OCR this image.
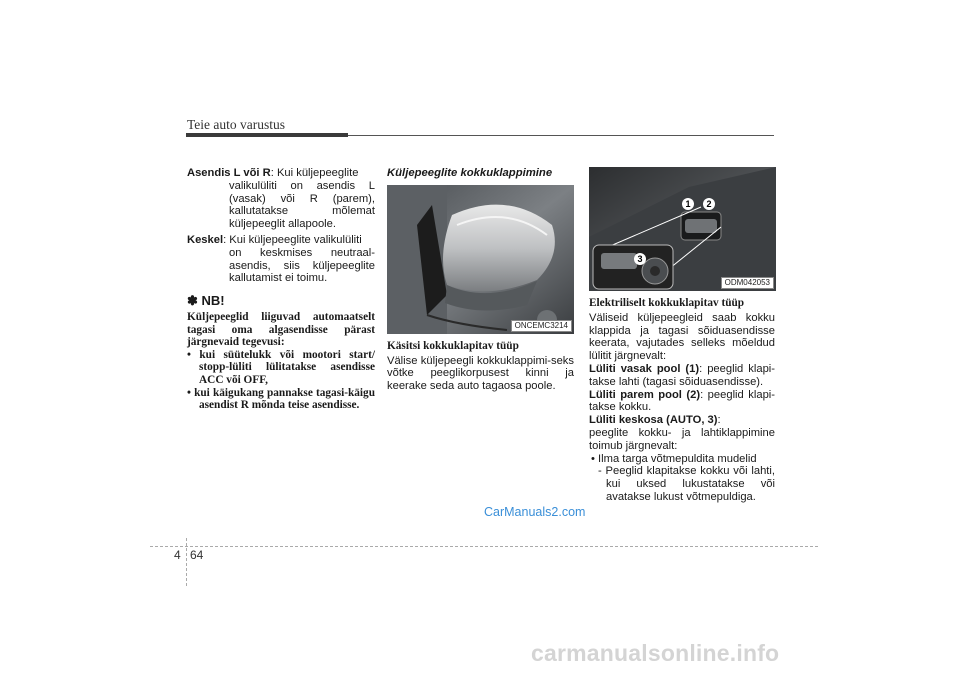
Teie auto varustus

Asendis L või R: Kui küljepeeglite
valikulüliti on asendis L (vasak) või R (parem), kallutatakse mõlemat küljepeeglit allapoole.

Keskel: Kui küljepeeglite valikulüliti
on keskmises neutraal-asendis, siis küljepeeglite kallutamist ei toimu.

✽ NB!

Küljepeeglid liiguvad automaatselt tagasi oma algasendisse pärast järgnevaid tegevusi:

• kui süütelukk või mootori start/ stopp-lüliti lülitatakse asendisse ACC või OFF,

• kui käigukang pannakse tagasi-käigu asendist R mõnda teise asendisse.

Küljepeeglite kokkuklappimine
ONCEMC3214
Käsitsi kokkuklapitav tüüp

Välise küljepeegli kokkuklappimi-seks võtke peeglikorpusest kinni ja keerake seda auto tagaosa poole.

1 2
3
ODM042053
Elektriliselt kokkuklapitav tüüp

Väliseid küljepeegleid saab kokku klappida ja tagasi sõiduasendisse keerata, vajutades selleks mõeldud lülitit järgnevalt:

Lüliti vasak pool (1): peeglid klapi-takse lahti (tagasi sõiduasendisse).

Lüliti parem pool (2): peeglid klapi-takse kokku.

Lüliti keskosa (AUTO, 3):

peeglite kokku- ja lahtiklappimine toimub järgnevalt:

• Ilma targa võtmepuldita mudelid

- Peeglid klapitakse kokku või lahti, kui uksed lukustatakse või avatakse lukust võtmepuldiga.

CarManuals2.com
4 64
carmanualsonline.info
